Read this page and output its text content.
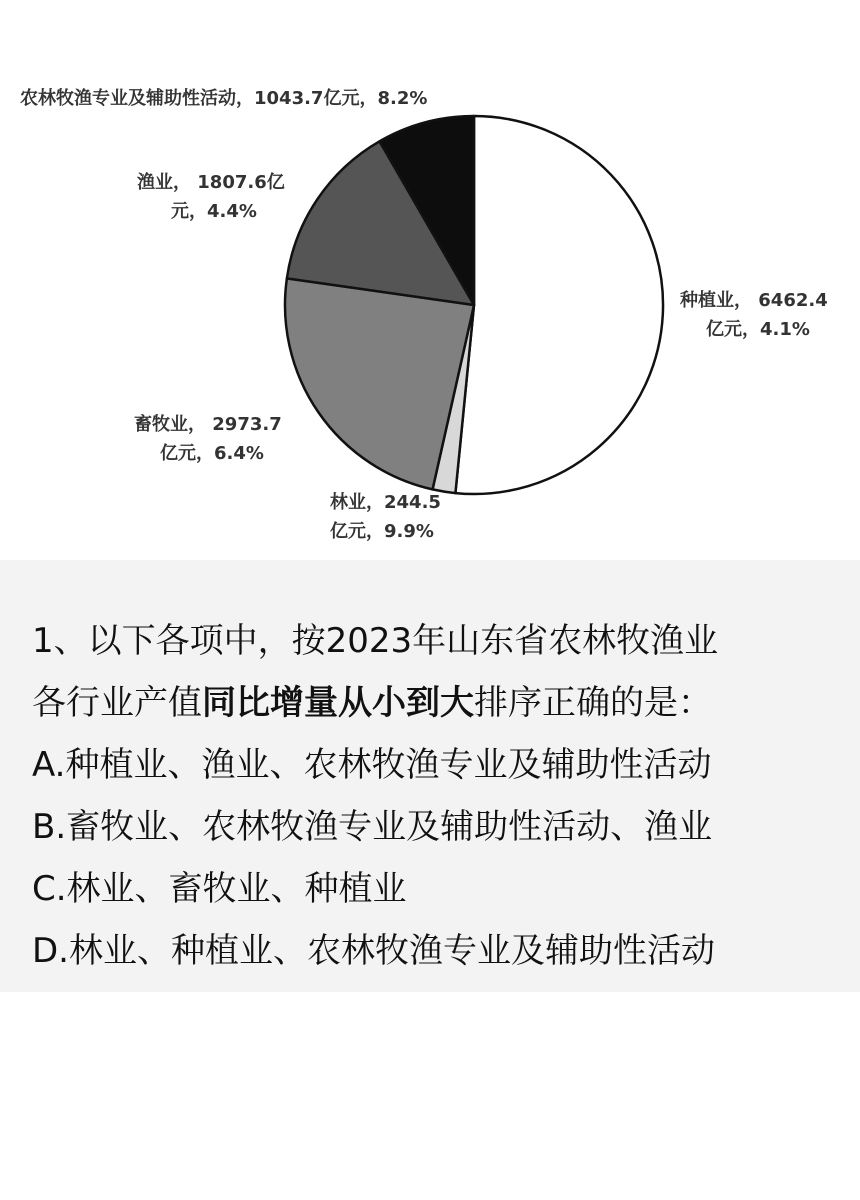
种植业， 6462.4
亿元，4.1%
林业，244.5
亿元，9.9%
畜牧业， 2973.7
亿元，6.4%
渔业， 1807.6亿
元，4.4%
农林牧渔专业及辅助性活动，1043.7亿元，8.2%
1、以下各项中，按2023年山东省农林牧渔业
各行业产值同比增量从小到大排序正确的是：
A.种植业、渔业、农林牧渔专业及辅助性活动
B.畜牧业、农林牧渔专业及辅助性活动、渔业
C.林业、畜牧业、种植业
D.林业、种植业、农林牧渔专业及辅助性活动
